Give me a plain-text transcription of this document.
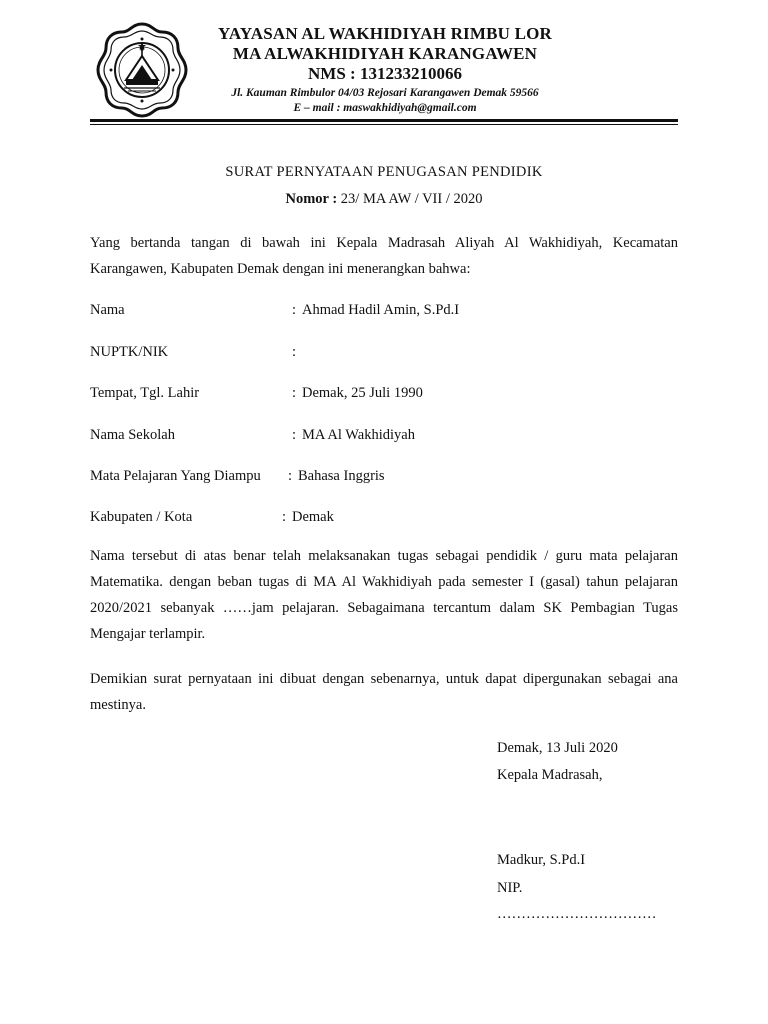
YAYASAN AL WAKHIDIYAH RIMBU LOR
MA ALWAKHIDIYAH KARANGAWEN
NMS : 131233210066
Jl. Kauman Rimbulor 04/03 Rejosari Karangawen Demak 59566
E – mail : maswakhidiyah@gmail.com
SURAT PERNYATAAN PENUGASAN PENDIDIK
Nomor : 23/ MA AW / VII / 2020
Yang bertanda tangan di bawah ini Kepala Madrasah Aliyah Al Wakhidiyah, Kecamatan Karangawen, Kabupaten Demak dengan ini menerangkan bahwa:
Nama	: Ahmad Hadil Amin, S.Pd.I
NUPTK/NIK	:
Tempat, Tgl. Lahir	: Demak, 25 Juli 1990
Nama Sekolah	: MA Al Wakhidiyah
Mata Pelajaran Yang Diampu : Bahasa Inggris
Kabupaten / Kota	: Demak
Nama tersebut di atas benar telah melaksanakan tugas sebagai pendidik / guru mata pelajaran Matematika. dengan beban tugas di MA Al Wakhidiyah pada semester I (gasal) tahun pelajaran 2020/2021 sebanyak ……jam pelajaran. Sebagaimana tercantum dalam SK Pembagian Tugas Mengajar terlampir.
Demikian surat pernyataan ini dibuat dengan sebenarnya, untuk dapat dipergunakan sebagai ana mestinya.
Demak, 13 Juli 2020
Kepala Madrasah,
Madkur, S.Pd.I
NIP.
……………………………
